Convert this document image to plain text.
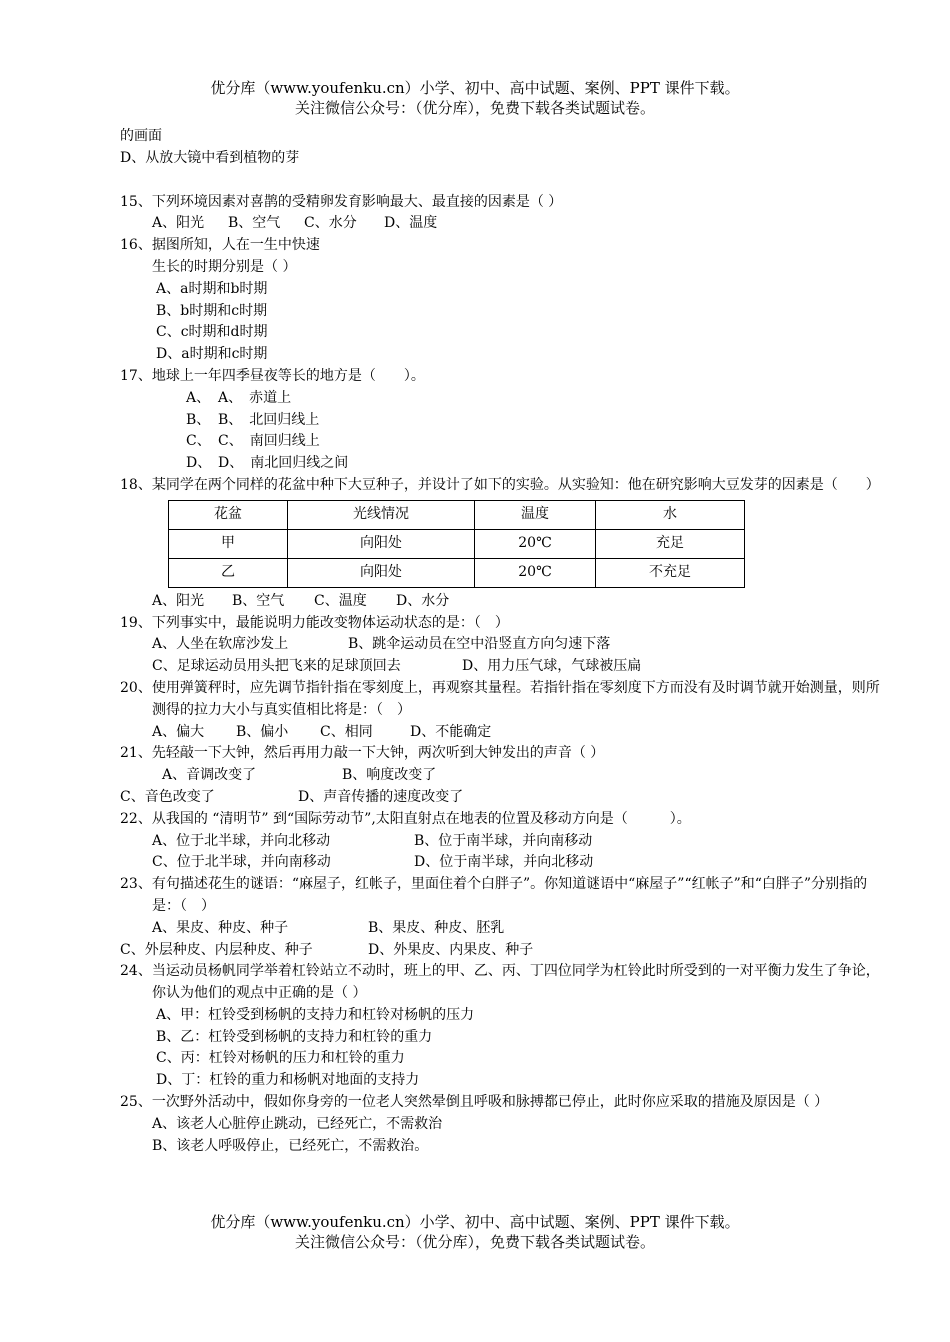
优分库（www.youfenku.cn）小学、初中、高中试题、案例、PPT 课件下载。
关注微信公众号：（优分库），免费下载各类试题试卷。
的画面
D、从放大镜中看到植物的芽
15、下列环境因素对喜鹊的受精卵发育影响最大、最直接的因素是（ ）
A、阳光 B、空气 C、水分 D、温度
16、据图所知，人在一生中快速
生长的时期分别是（ ）
A、a时期和b时期
B、b时期和c时期
C、c时期和d时期
D、a时期和c时期
17、地球上一年四季昼夜等长的地方是（　　）。
A、 A、　赤道上
B、 B、　北回归线上
C、 C、　南回归线上
D、 D、　南北回归线之间
18、某同学在两个同样的花盆中种下大豆种子，并设计了如下的实验。从实验知：他在研究影响大豆发芽的因素是（　　）
花盆	光线情况	温度	水
甲	向阳处	20℃	充足
乙	向阳处	20℃	不充足
A、阳光 B、空气 C、温度 D、水分
19、下列事实中，最能说明力能改变物体运动状态的是：（　）
A、人坐在软席沙发上	B、跳伞运动员在空中沿竖直方向匀速下落
C、足球运动员用头把飞来的足球顶回去	D、用力压气球，气球被压扁
20、使用弹簧秤时，应先调节指针指在零刻度上，再观察其量程。若指针指在零刻度下方而没有及时调节就开始测量，则所测得的拉力大小与真实值相比将是：（　）
A、偏大 B、偏小 C、相同	D、不能确定
21、先轻敲一下大钟，然后再用力敲一下大钟，两次听到大钟发出的声音（ ）
A、音调改变了	B、响度改变了
C、音色改变了	D、声音传播的速度改变了
22、从我国的 “清明节” 到“国际劳动节”,太阳直射点在地表的位置及移动方向是（　　　）。
A、位于北半球，并向北移动	B、位于南半球，并向南移动
C、位于北半球，并向南移动	D、位于南半球，并向北移动
23、有句描述花生的谜语：“麻屋子，红帐子，里面住着个白胖子”。你知道谜语中“麻屋子”“红帐子”和“白胖子”分别指的是：（　）
A、果皮、种皮、种子	B、果皮、种皮、胚乳
C、外层种皮、内层种皮、种子	D、外果皮、内果皮、种子
24、当运动员杨帆同学举着杠铃站立不动时，班上的甲、乙、丙、丁四位同学为杠铃此时所受到的一对平衡力发生了争论，你认为他们的观点中正确的是（ ）
A、甲：杠铃受到杨帆的支持力和杠铃对杨帆的压力
B、乙：杠铃受到杨帆的支持力和杠铃的重力
C、丙：杠铃对杨帆的压力和杠铃的重力
D、丁：杠铃的重力和杨帆对地面的支持力
25、一次野外活动中，假如你身旁的一位老人突然晕倒且呼吸和脉搏都已停止，此时你应采取的措施及原因是（ ）
A、该老人心脏停止跳动，已经死亡，不需救治
B、该老人呼吸停止，已经死亡，不需救治。
优分库（www.youfenku.cn）小学、初中、高中试题、案例、PPT 课件下载。
关注微信公众号：（优分库），免费下载各类试题试卷。
